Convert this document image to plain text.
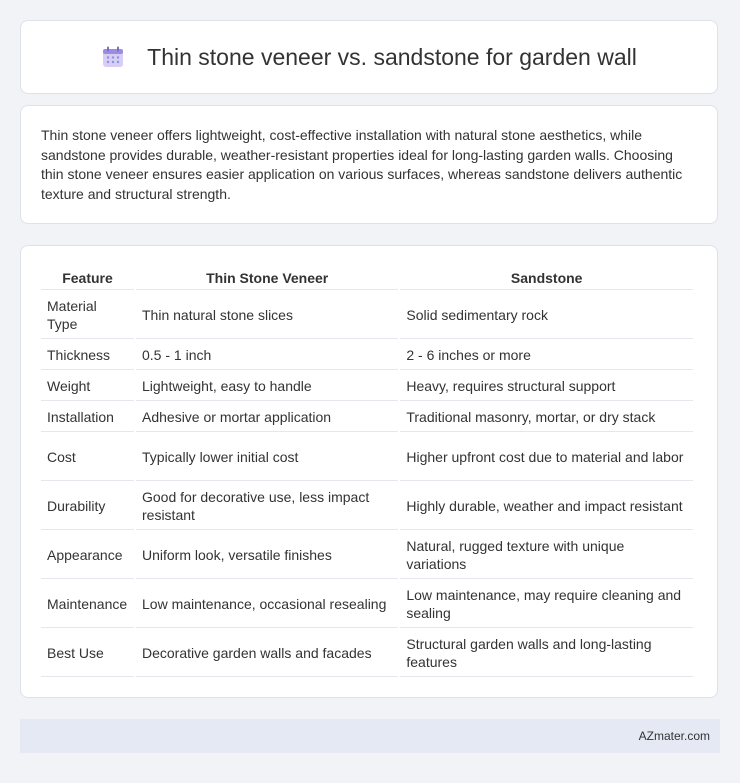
Thin stone veneer vs. sandstone for garden wall

Thin stone veneer offers lightweight, cost-effective installation with natural stone aesthetics, while sandstone provides durable, weather-resistant properties ideal for long-lasting garden walls. Choosing thin stone veneer ensures easier application on various surfaces, whereas sandstone delivers authentic texture and structural strength.

Feature	Thin Stone Veneer	Sandstone
Material Type	Thin natural stone slices	Solid sedimentary rock
Thickness	0.5 - 1 inch	2 - 6 inches or more
Weight	Lightweight, easy to handle	Heavy, requires structural support
Installation	Adhesive or mortar application	Traditional masonry, mortar, or dry stack
Cost	Typically lower initial cost	Higher upfront cost due to material and labor
Durability	Good for decorative use, less impact resistant	Highly durable, weather and impact resistant
Appearance	Uniform look, versatile finishes	Natural, rugged texture with unique variations
Maintenance	Low maintenance, occasional resealing	Low maintenance, may require cleaning and sealing
Best Use	Decorative garden walls and facades	Structural garden walls and long-lasting features
AZmater.com
